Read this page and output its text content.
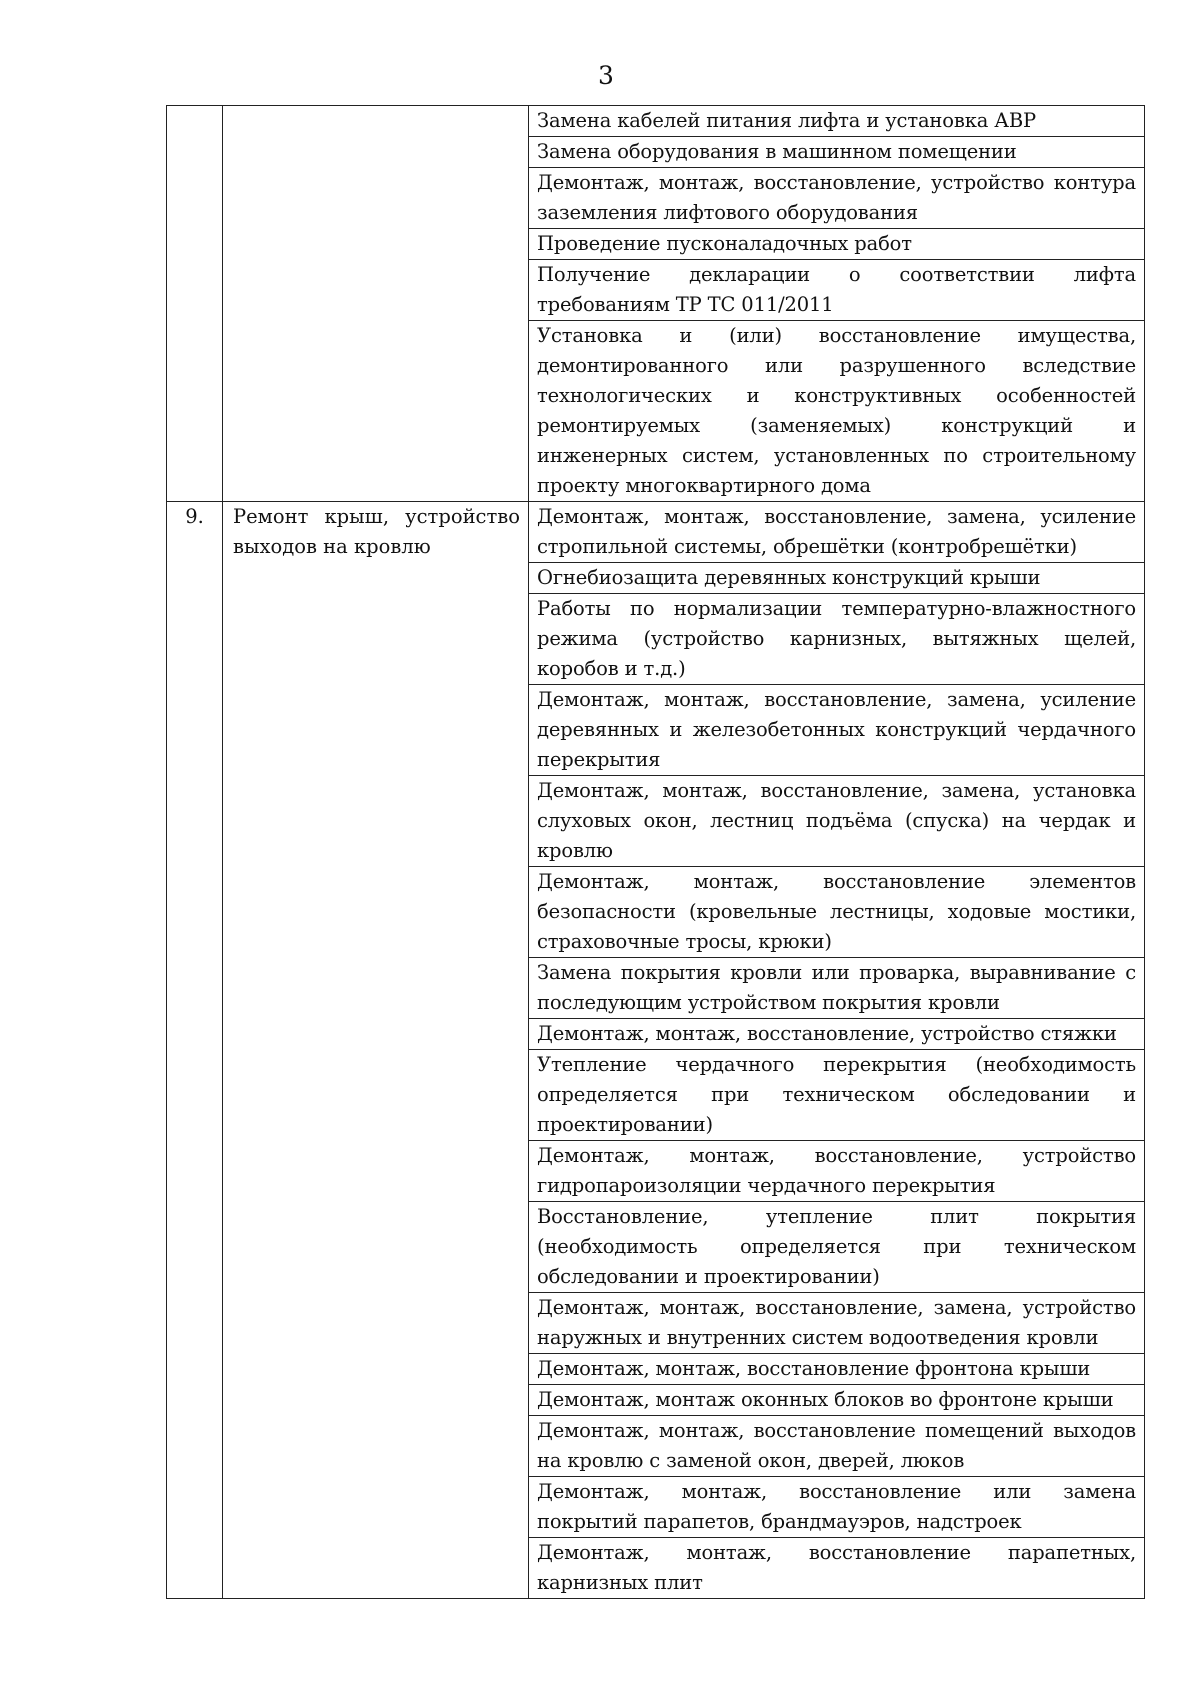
3
		Замена кабелей питания лифта и установка АВР
		Замена оборудования в машинном помещении
		Демонтаж, монтаж, восстановление, устройство контура заземления лифтового оборудования
		Проведение пусконаладочных работ
		Получение декларации о соответствии лифта требованиям ТР ТС 011/2011
		Установка и (или) восстановление имущества, демонтированного или разрушенного вследствие технологических и конструктивных особенностей ремонтируемых (заменяемых) конструкций и инженерных систем, установленных по строительному проекту многоквартирного дома
9.	Ремонт крыш, устройство выходов на кровлю	Демонтаж, монтаж, восстановление, замена, усиление стропильной системы, обрешётки (контробрешётки)
		Огнебиозащита деревянных конструкций крыши
		Работы по нормализации температурно-влажностного режима (устройство карнизных, вытяжных щелей, коробов и т.д.)
		Демонтаж, монтаж, восстановление, замена, усиление деревянных и железобетонных конструкций чердачного перекрытия
		Демонтаж, монтаж, восстановление, замена, установка слуховых окон, лестниц подъёма (спуска) на чердак и кровлю
		Демонтаж, монтаж, восстановление элементов безопасности (кровельные лестницы, ходовые мостики, страховочные тросы, крюки)
		Замена покрытия кровли или проварка, выравнивание с последующим устройством покрытия кровли
		Демонтаж, монтаж, восстановление, устройство стяжки
		Утепление чердачного перекрытия (необходимость определяется при техническом обследовании и проектировании)
		Демонтаж, монтаж, восстановление, устройство гидропароизоляции чердачного перекрытия
		Восстановление, утепление плит покрытия (необходимость определяется при техническом обследовании и проектировании)
		Демонтаж, монтаж, восстановление, замена, устройство наружных и внутренних систем водоотведения кровли
		Демонтаж, монтаж, восстановление фронтона крыши
		Демонтаж, монтаж оконных блоков во фронтоне крыши
		Демонтаж, монтаж, восстановление помещений выходов на кровлю с заменой окон, дверей, люков
		Демонтаж, монтаж, восстановление или замена покрытий парапетов, брандмауэров, надстроек
		Демонтаж, монтаж, восстановление парапетных, карнизных плит
